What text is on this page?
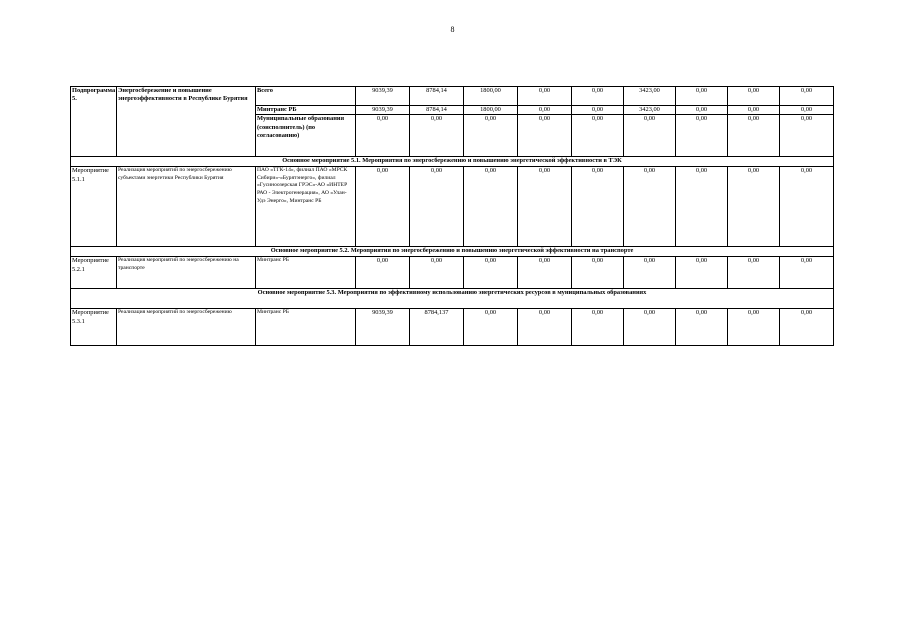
8
Подпрограмма 5.	Энергосбережение и повышение энергоэффективности в Республике Бурятия	Всего	9039,39	8784,14	1800,00	0,00	0,00	3423,00	0,00	0,00	0,00
		Минтранс РБ	9039,39	8784,14	1800,00	0,00	0,00	3423,00	0,00	0,00	0,00
		Муниципальные образования (соисполнитель) (по согласованию)	0,00	0,00	0,00	0,00	0,00	0,00	0,00	0,00	0,00
Основное мероприятие 5.1. Мероприятия по энергосбережению и повышению энергетической эффективности в ТЭК											
Мероприятие 5.1.1	Реализация мероприятий по энергосбережению субъектами энергетики Республики Бурятия	ПАО «ТГК-14», филиал ПАО «МРСК Сибири»-«Бурятэнерго», филиал «Гусиноозерская ГРЭС»-АО «ИНТЕР РАО - Электрогенерация», АО «Улан-Удэ Энерго», Минтранс РБ	0,00	0,00	0,00	0,00	0,00	0,00	0,00	0,00	0,00
Основное мероприятие 5.2. Мероприятия по энергосбережению и повышению энергетической эффективности на транспорте											
Мероприятие 5.2.1	Реализация мероприятий по энергосбережению на транспорте	Минтранс РБ	0,00	0,00	0,00	0,00	0,00	0,00	0,00	0,00	0,00
Основное мероприятие 5.3. Мероприятия по эффективному использованию энергетических ресурсов в муниципальных образованиях											
Мероприятие 5.3.1	Реализация мероприятий по энергосбережению	Минтранс РБ	9039,39	8784,137	0,00	0,00	0,00	0,00	0,00	0,00	0,00
